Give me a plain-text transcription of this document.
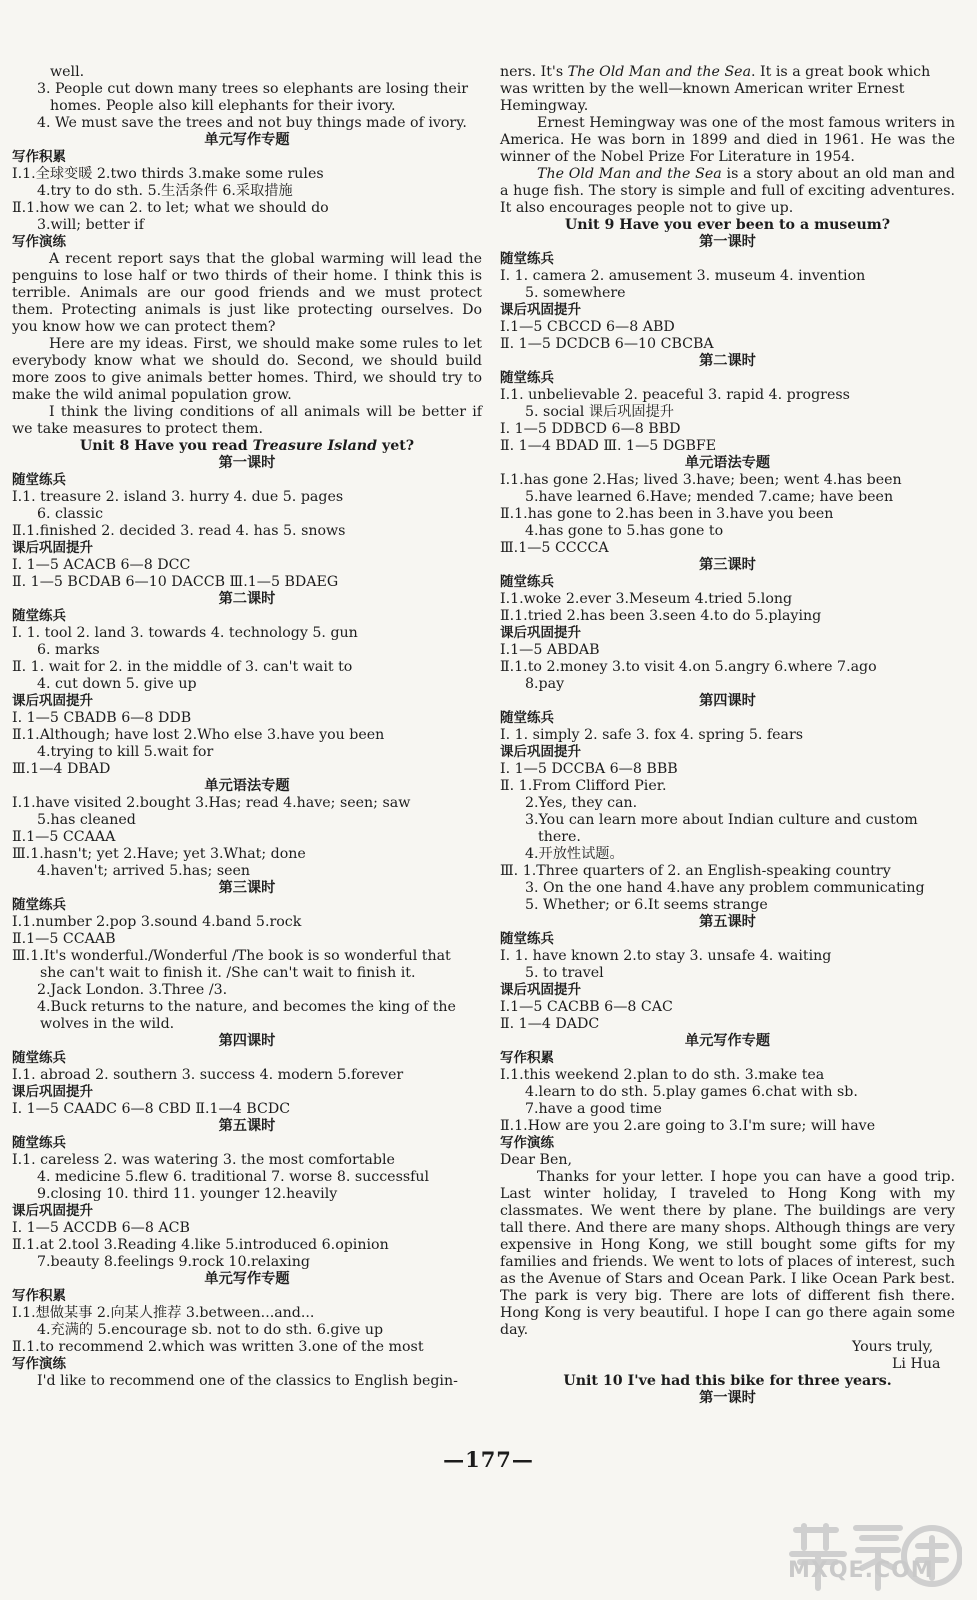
well.
3. People cut down many trees so elephants are losing their
homes. People also kill elephants for their ivory.
4. We must save the trees and not buy things made of ivory.
单元写作专题
写作积累
Ⅰ.1.全球变暖 2.two thirds 3.make some rules
4.try to do sth. 5.生活条件 6.采取措施
Ⅱ.1.how we can 2. to let; what we should do
3.will; better if
写作演练
A recent report says that the global warming will lead the penguins to lose half or two thirds of their home. I think this is terrible. Animals are our good friends and we must protect them. Protecting animals is just like protecting ourselves. Do you know how we can protect them?
Here are my ideas. First, we should make some rules to let everybody know what we should do. Second, we should build more zoos to give animals better homes. Third, we should try to make the wild animal population grow.
I think the living conditions of all animals will be better if we take measures to protect them.
Unit 8 Have you read Treasure Island yet?
第一课时
随堂练兵
Ⅰ.1. treasure 2. island 3. hurry 4. due 5. pages
6. classic
Ⅱ.1.finished 2. decided 3. read 4. has 5. snows
课后巩固提升
Ⅰ. 1—5 ACACB 6—8 DCC
Ⅱ. 1—5 BCDAB 6—10 DACCB Ⅲ.1—5 BDAEG
第二课时
随堂练兵
Ⅰ. 1. tool 2. land 3. towards 4. technology 5. gun
6. marks
Ⅱ. 1. wait for 2. in the middle of 3. can't wait to
4. cut down 5. give up
课后巩固提升
Ⅰ. 1—5 CBADB 6—8 DDB
Ⅱ.1.Although; have lost 2.Who else 3.have you been
4.trying to kill 5.wait for
Ⅲ.1—4 DBAD
单元语法专题
Ⅰ.1.have visited 2.bought 3.Has; read 4.have; seen; saw
5.has cleaned
Ⅱ.1—5 CCAAA
Ⅲ.1.hasn't; yet 2.Have; yet 3.What; done
4.haven't; arrived 5.has; seen
第三课时
随堂练兵
Ⅰ.1.number 2.pop 3.sound 4.band 5.rock
Ⅱ.1—5 CCAAB
Ⅲ.1.It's wonderful./Wonderful /The book is so wonderful that
she can't wait to finish it. /She can't wait to finish it.
2.Jack London. 3.Three /3.
4.Buck returns to the nature, and becomes the king of the
wolves in the wild.
第四课时
随堂练兵
Ⅰ.1. abroad 2. southern 3. success 4. modern 5.forever
课后巩固提升
Ⅰ. 1—5 CAADC 6—8 CBD Ⅱ.1—4 BCDC
第五课时
随堂练兵
Ⅰ.1. careless 2. was watering 3. the most comfortable
4. medicine 5.flew 6. traditional 7. worse 8. successful
9.closing 10. third 11. younger 12.heavily
课后巩固提升
Ⅰ. 1—5 ACCDB 6—8 ACB
Ⅱ.1.at 2.tool 3.Reading 4.like 5.introduced 6.opinion
7.beauty 8.feelings 9.rock 10.relaxing
单元写作专题
写作积累
Ⅰ.1.想做某事 2.向某人推荐 3.between...and...
4.充满的 5.encourage sb. not to do sth. 6.give up
Ⅱ.1.to recommend 2.which was written 3.one of the most
写作演练
I'd like to recommend one of the classics to English begin-
ners. It's The Old Man and the Sea. It is a great book which was written by the well—known American writer Ernest Hemingway.
Ernest Hemingway was one of the most famous writers in America. He was born in 1899 and died in 1961. He was the winner of the Nobel Prize For Literature in 1954.
The Old Man and the Sea is a story about an old man and a huge fish. The story is simple and full of exciting adventures. It also encourages people not to give up.
Unit 9 Have you ever been to a museum?
第一课时
随堂练兵
Ⅰ. 1. camera 2. amusement 3. museum 4. invention
5. somewhere
课后巩固提升
Ⅰ.1—5 CBCCD 6—8 ABD
Ⅱ. 1—5 DCDCB 6—10 CBCBA
第二课时
随堂练兵
Ⅰ.1. unbelievable 2. peaceful 3. rapid 4. progress
5. social 课后巩固提升
Ⅰ. 1—5 DDBCD 6—8 BBD
Ⅱ. 1—4 BDAD Ⅲ. 1—5 DGBFE
单元语法专题
Ⅰ.1.has gone 2.Has; lived 3.have; been; went 4.has been
5.have learned 6.Have; mended 7.came; have been
Ⅱ.1.has gone to 2.has been in 3.have you been
4.has gone to 5.has gone to
Ⅲ.1—5 CCCCA
第三课时
随堂练兵
Ⅰ.1.woke 2.ever 3.Meseum 4.tried 5.long
Ⅱ.1.tried 2.has been 3.seen 4.to do 5.playing
课后巩固提升
Ⅰ.1—5 ABDAB
Ⅱ.1.to 2.money 3.to visit 4.on 5.angry 6.where 7.ago
8.pay
第四课时
随堂练兵
Ⅰ. 1. simply 2. safe 3. fox 4. spring 5. fears
课后巩固提升
Ⅰ. 1—5 DCCBA 6—8 BBB
Ⅱ. 1.From Clifford Pier.
2.Yes, they can.
3.You can learn more about Indian culture and custom
there.
4.开放性试题。
Ⅲ. 1.Three quarters of 2. an English-speaking country
3. On the one hand 4.have any problem communicating
5. Whether; or 6.It seems strange
第五课时
随堂练兵
Ⅰ. 1. have known 2.to stay 3. unsafe 4. waiting
5. to travel
课后巩固提升
Ⅰ.1—5 CACBB 6—8 CAC
Ⅱ. 1—4 DADC
单元写作专题
写作积累
Ⅰ.1.this weekend 2.plan to do sth. 3.make tea
4.learn to do sth. 5.play games 6.chat with sb.
7.have a good time
Ⅱ.1.How are you 2.are going to 3.I'm sure; will have
写作演练
Dear Ben,
Thanks for your letter. I hope you can have a good trip. Last winter holiday, I traveled to Hong Kong with my classmates. We went there by plane. The buildings are very tall there. And there are many shops. Although things are very expensive in Hong Kong, we still bought some gifts for my families and friends. We went to lots of places of interest, such as the Avenue of Stars and Ocean Park. I like Ocean Park best. The park is very big. There are lots of different fish there. Hong Kong is very beautiful. I hope I can go there again some day.
Yours truly,
Li Hua
Unit 10 I've had this bike for three years.
第一课时
—177—
MXQE.COM
